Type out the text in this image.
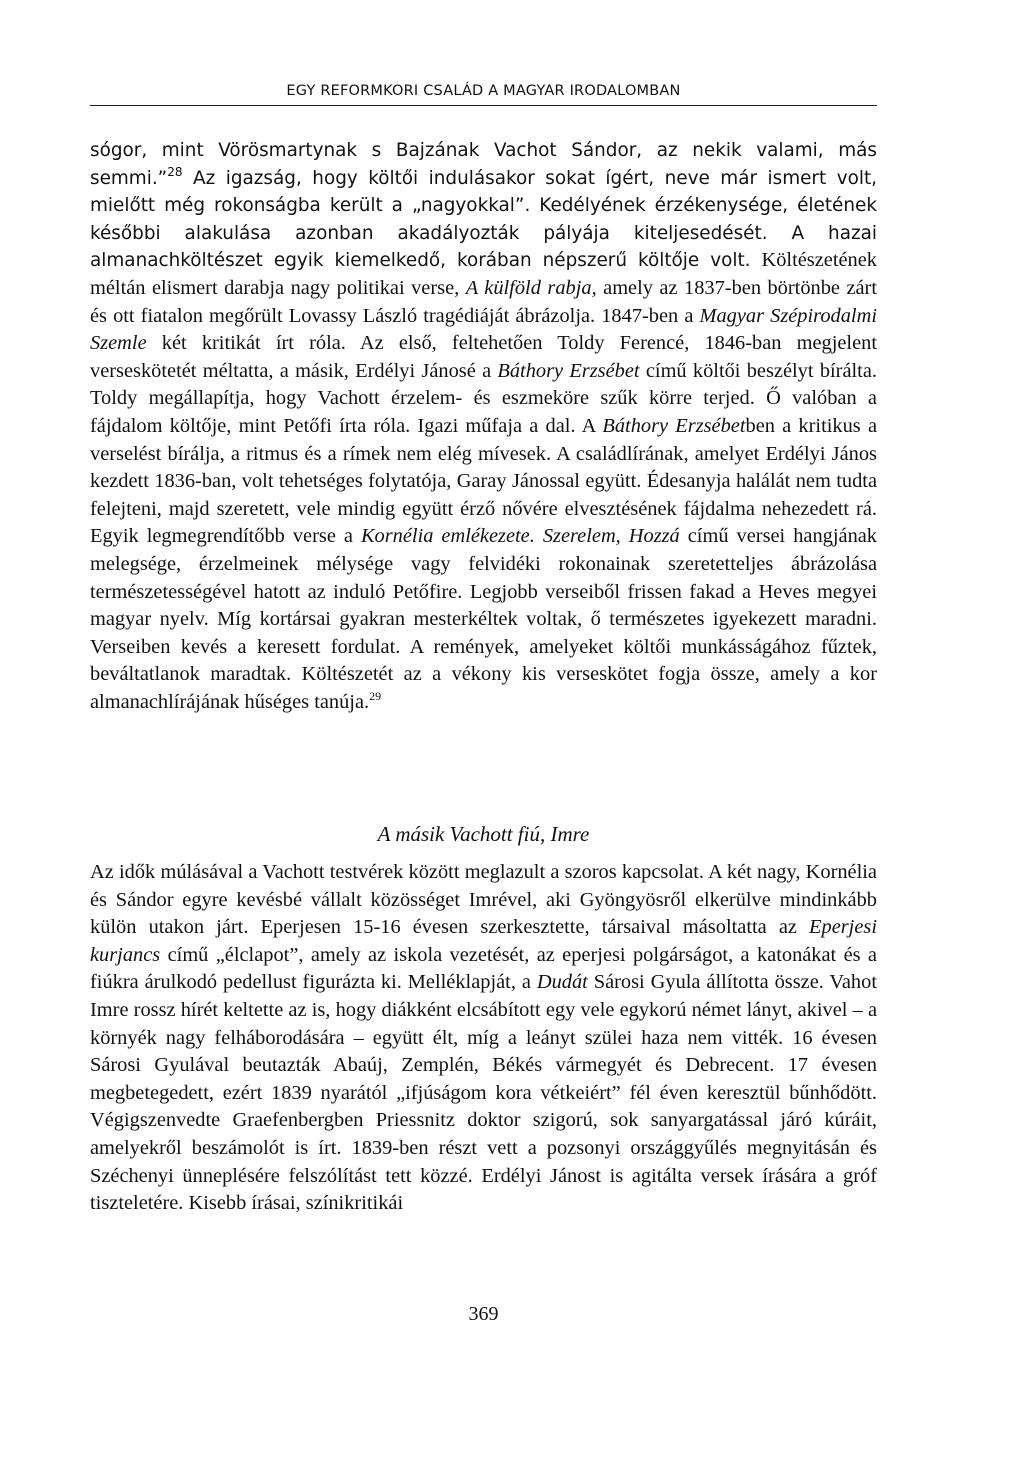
EGY REFORMKORI CSALÁD A MAGYAR IRODALOMBAN

sógor, mint Vörösmartynak s Bajzának Vachot Sándor, az nekik valami, más semmi.”$^{28}$ Az igazság, hogy költői indulásakor sokat ígért, neve már ismert volt, mielőtt még rokonságba került a „nagyokkal”. Kedélyének érzékenysége, életének későbbi alakulása azonban akadályozták pályája kiteljesedését. A hazai almanachköltészet egyik kiemelkedő, korában népszerű költője volt. Költészetének méltán elismert darabja nagy politikai verse, A külföld rabja, amely az 1837-ben börtönbe zárt és ott fiatalon megőrült Lovassy László tragédiáját ábrázolja. 1847-ben a Magyar Szépirodalmi Szemle két kritikát írt róla. Az első, feltehetően Toldy Ferencé, 1846-ban megjelent verseskötetét méltatta, a másik, Erdélyi Jánosé a Báthory Erzsébet című költői beszélyt bírálta. Toldy megállapítja, hogy Vachott érzelem- és eszmeköre szűk körre terjed. Ő valóban a fájdalom költője, mint Petőfi írta róla. Igazi műfaja a dal. A Báthory Erzsébetben a kritikus a verselést bírálja, a ritmus és a rímek nem elég mívesek. A családlírának, amelyet Erdélyi János kezdett 1836-ban, volt tehetséges folytatója, Garay Jánossal együtt. Édesanyja halálát nem tudta felejteni, majd szeretett, vele mindig együtt érző nővére elvesztésének fájdalma nehezedett rá. Egyik legmegrendítőbb verse a Kornélia emlékezete. Szerelem, Hozzá című versei hangjának melegsége, érzelmeinek mélysége vagy felvidéki rokonainak szeretetteljes ábrázolása természetességével hatott az induló Petőfire. Legjobb verseiből frissen fakad a Heves megyei magyar nyelv. Míg kortársai gyakran mesterkéltek voltak, ő természetes igyekezett maradni. Verseiben kevés a keresett fordulat. A remények, amelyeket költői munkásságához fűztek, beváltatlanok maradtak. Költészetét az a vékony kis verseskötet fogja össze, amely a kor almanachlírájának hűséges tanúja.$^{29}$

A másik Vachott fiú, Imre

Az idők múlásával a Vachott testvérek között meglazult a szoros kapcsolat. A két nagy, Kornélia és Sándor egyre kevésbé vállalt közösséget Imrével, aki Gyöngyösről elkerülve mindinkább külön utakon járt. Eperjesen 15-16 évesen szerkesztette, társaival másoltatta az Eperjesi kurjancs című „élclapot”, amely az iskola vezetését, az eperjesi polgárságot, a katonákat és a fiúkra árulkodó pedellust figurázta ki. Melléklapját, a Dudát Sárosi Gyula állította össze. Vahot Imre rossz hírét keltette az is, hogy diákként elcsábított egy vele egykorú német lányt, akivel – a környék nagy felháborodására – együtt élt, míg a leányt szülei haza nem vitték. 16 évesen Sárosi Gyulával beutazták Abaúj, Zemplén, Békés vármegyét és Debrecent. 17 évesen megbetegedett, ezért 1839 nyarától „ifjúságom kora vétkeiért” fél éven keresztül bűnhődött. Végigszenvedte Graefenbergben Priessnitz doktor szigorú, sok sanyargatással járó kúráit, amelyekről beszámolót is írt. 1839-ben részt vett a pozsonyi országgyűlés megnyitásán és Széchenyi ünneplésére felszólítást tett közzé. Erdélyi Jánost is agitálta versek írására a gróf tiszteletére. Kisebb írásai, színikritikái

369
